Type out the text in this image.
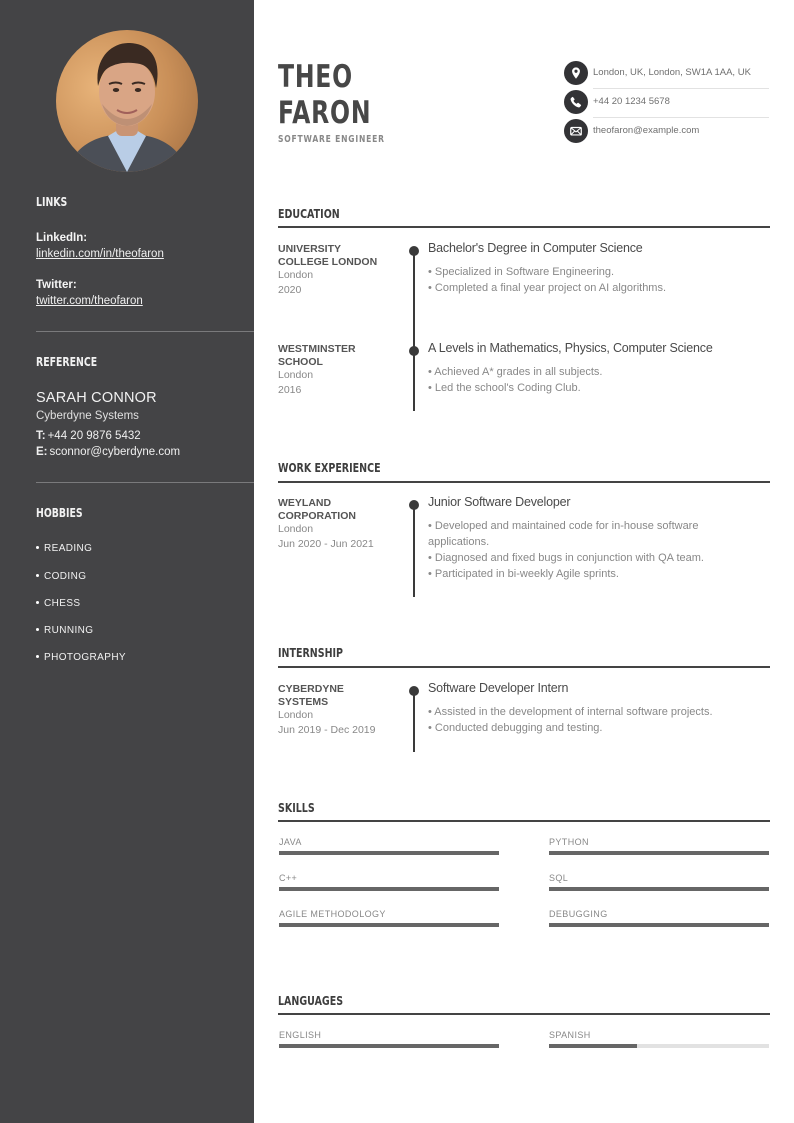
LINKS
LinkedIn:
linkedin.com/in/theofaron
Twitter:
twitter.com/theofaron
REFERENCE
SARAH CONNOR
Cyberdyne Systems
T: +44 20 9876 5432
E: sconnor@cyberdyne.com
HOBBIES
READING
CODING
CHESS
RUNNING
PHOTOGRAPHY
THEO
FARON
SOFTWARE ENGINEER
London, UK, London, SW1A 1AA, UK
+44 20 1234 5678
theofaron@example.com
EDUCATION
UNIVERSITY
COLLEGE LONDON
London
2020
Bachelor's Degree in Computer Science
• Specialized in Software Engineering.
• Completed a final year project on AI algorithms.
WESTMINSTER
SCHOOL
London
2016
A Levels in Mathematics, Physics, Computer Science
• Achieved A* grades in all subjects.
• Led the school's Coding Club.
WORK EXPERIENCE
WEYLAND
CORPORATION
London
Jun 2020 - Jun 2021
Junior Software Developer
• Developed and maintained code for in-house software applications.
• Diagnosed and fixed bugs in conjunction with QA team.
• Participated in bi-weekly Agile sprints.
INTERNSHIP
CYBERDYNE
SYSTEMS
London
Jun 2019 - Dec 2019
Software Developer Intern
• Assisted in the development of internal software projects.
• Conducted debugging and testing.
SKILLS
JAVA	PYTHON
C++	SQL
AGILE METHODOLOGY	DEBUGGING
LANGUAGES
ENGLISH	SPANISH
